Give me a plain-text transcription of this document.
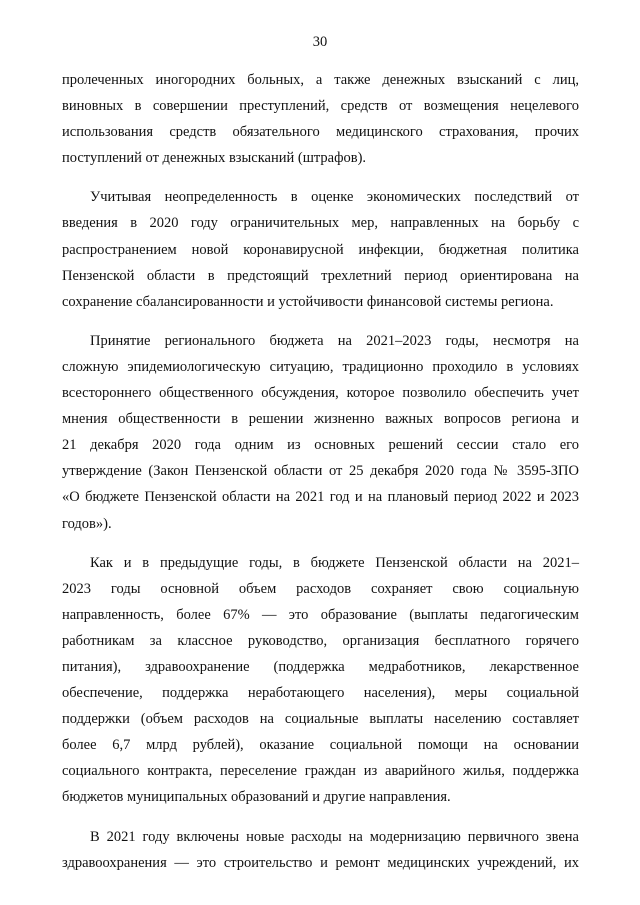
30

пролеченных иногородних больных, а также денежных взысканий с лиц,
виновных в совершении преступлений, средств от возмещения нецелевого
использования средств обязательного медицинского страхования, прочих
поступлений от денежных взысканий (штрафов).

Учитывая неопределенность в оценке экономических последствий от
введения в 2020 году ограничительных мер, направленных на борьбу с
распространением новой коронавирусной инфекции, бюджетная политика
Пензенской области в предстоящий трехлетний период ориентирована на
сохранение сбалансированности и устойчивости финансовой системы региона.

Принятие регионального бюджета на 2021–2023 годы, несмотря на
сложную эпидемиологическую ситуацию, традиционно проходило в условиях
всестороннего общественного обсуждения, которое позволило обеспечить учет
мнения общественности в решении жизненно важных вопросов региона и
21 декабря 2020 года одним из основных решений сессии стало его
утверждение (Закон Пензенской области от 25 декабря 2020 года № 3595-ЗПО
«О бюджете Пензенской области на 2021 год и на плановый период 2022 и 2023
годов»).

Как и в предыдущие годы, в бюджете Пензенской области на 2021–
2023 годы основной объем расходов сохраняет свою социальную
направленность, более 67% — это образование (выплаты педагогическим
работникам за классное руководство, организация бесплатного горячего
питания), здравоохранение (поддержка медработников, лекарственное
обеспечение, поддержка неработающего населения), меры социальной
поддержки (объем расходов на социальные выплаты населению составляет
более 6,7 млрд рублей), оказание социальной помощи на основании
социального контракта, переселение граждан из аварийного жилья, поддержка
бюджетов муниципальных образований и другие направления.

В 2021 году включены новые расходы на модернизацию первичного звена
здравоохранения — это строительство и ремонт медицинских учреждений, их
